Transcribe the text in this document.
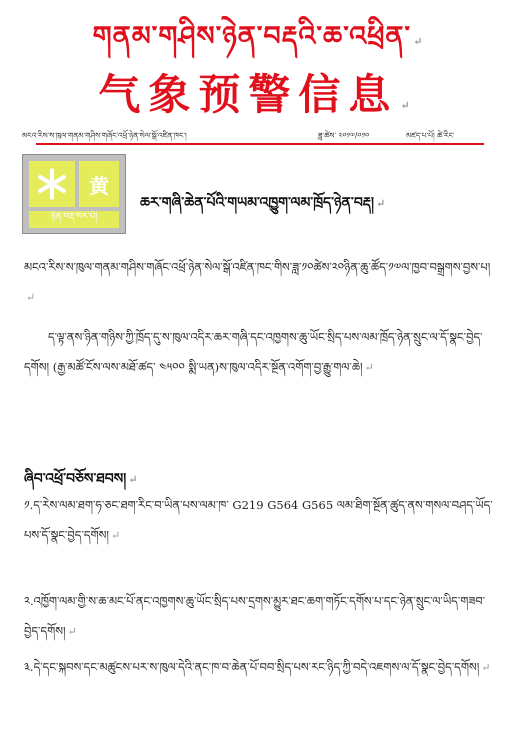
གནམ་གཤིས་ཉེན་བརྡའི་ཆ་འཕྲིན་ ↵
气象预警信息 ↵
མངའ་རིས་ས་ཁུལ་གནམ་གཤིས་གཞོང་འཕྲོ་ཉེན་སེལ་སྒོ་འཛིན་ཁང་།	ཟླ་ཚེས་ ༢༠༡༧/༠༡༠	མཛད་པ་པོ། ཚེ་རིང་
黄
ཉེན་བརྡ་སེར་པོ།
ཆར་གཞི་ཆེན་པོའི་གཡམ་འཁྱུག་ལམ་ཁྲོད་ཉེན་བརྡ། ↵
མངའ་རིས་ས་ཁུལ་གནམ་གཤིས་གཞོང་འཕྲོ་ཉེན་སེལ་སྒོ་འཛིན་ཁང་གིས་ཟླ་༡༠ཚེས་༢༠ཉིན་ཆུ་ཚོད་༡༧ལ་ཁྱབ་བསྒྲགས་བྱས་པ།↵
ད་ལྟ་ནས་ཉིན་གཉིས་ཀྱི་ཁྲོད་དུ་ས་ཁུལ་འདིར་ཆར་གཞི་དང་འཁྱགས་ཆུ་ཡོང་སྲིད་པས་ལམ་ཁྲོད་ཉེན་སྲུང་ལ་དོ་སྣང་བྱེད་དགོས། (རྒྱ་མཚོ་ངོས་ལས་མཐོ་ཚད་ ༤༥༠༠ སྨི་ཡན)ས་ཁུལ་འདིར་སྔོན་འགོག་བྱ་རྒྱུ་གལ་ཆེ། ↵
ཞིབ་འཕྲོ་བཅོས་ཐབས། ↵
༡.ད་རེས་ལམ་ཐག་ཧ་ཅང་ཐག་རིང་བ་ཡིན་པས་ལམ་ཁ་ G219 G564 G565 ལམ་ཐིག་སྔོན་ཚུད་ནས་གསལ་བཤད་ཡོད་པས་དོ་སྣང་བྱེད་དགོས། ↵
༢.འཁྱོག་ལམ་གྱི་ས་ཆ་མང་པོ་ནང་འཁྱགས་ཆུ་ཡོང་སྲིད་པས་དྲགས་མྱུར་ཐང་ཆག་གཏོང་དགོས་པ་དང་ཉེན་སྲུང་ལ་ཡིད་གཟབ་བྱེད་དགོས། ↵
༣.དེ་དང་སྐབས་དང་མཚུངས་པར་ས་ཁུལ་དེའི་ནང་ཁ་བ་ཆེན་པོ་བབ་སྲིད་པས་རང་ཉིད་ཀྱི་བདེ་འཇགས་ལ་དོ་སྣང་བྱེད་དགོས། ↵
